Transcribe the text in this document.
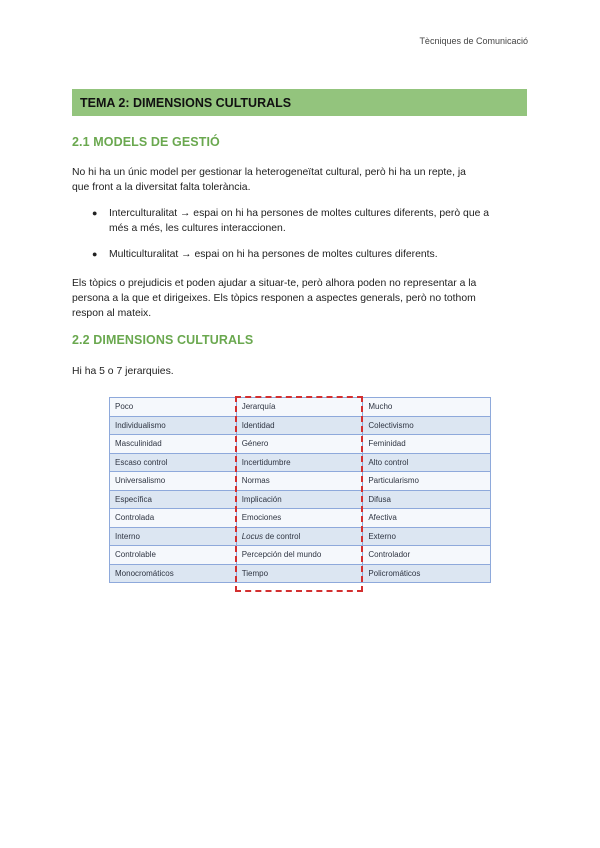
Tècniques de Comunicació
TEMA 2: DIMENSIONS CULTURALS
2.1 MODELS DE GESTIÓ
No hi ha un únic model per gestionar la heterogeneïtat cultural, però hi ha un repte, ja
que front a la diversitat falta tolerància.
● Interculturalitat → espai on hi ha persones de moltes cultures diferents, però que a
més a més, les cultures interaccionen.
● Multiculturalitat → espai on hi ha persones de moltes cultures diferents.
Els tòpics o prejudicis et poden ajudar a situar-te, però alhora poden no representar a la
persona a la que et dirigeixes. Els tòpics responen a aspectes generals, però no tothom
respon al mateix.
2.2 DIMENSIONS CULTURALS
Hi ha 5 o 7 jerarquies.
Poco	Jerarquía	Mucho
Individualismo	Identidad	Colectivismo
Masculinidad	Género	Feminidad
Escaso control	Incertidumbre	Alto control
Universalismo	Normas	Particularismo
Específica	Implicación	Difusa
Controlada	Emociones	Afectiva
Interno	Locus de control	Externo
Controlable	Percepción del mundo	Controlador
Monocromáticos	Tiempo	Policromáticos
